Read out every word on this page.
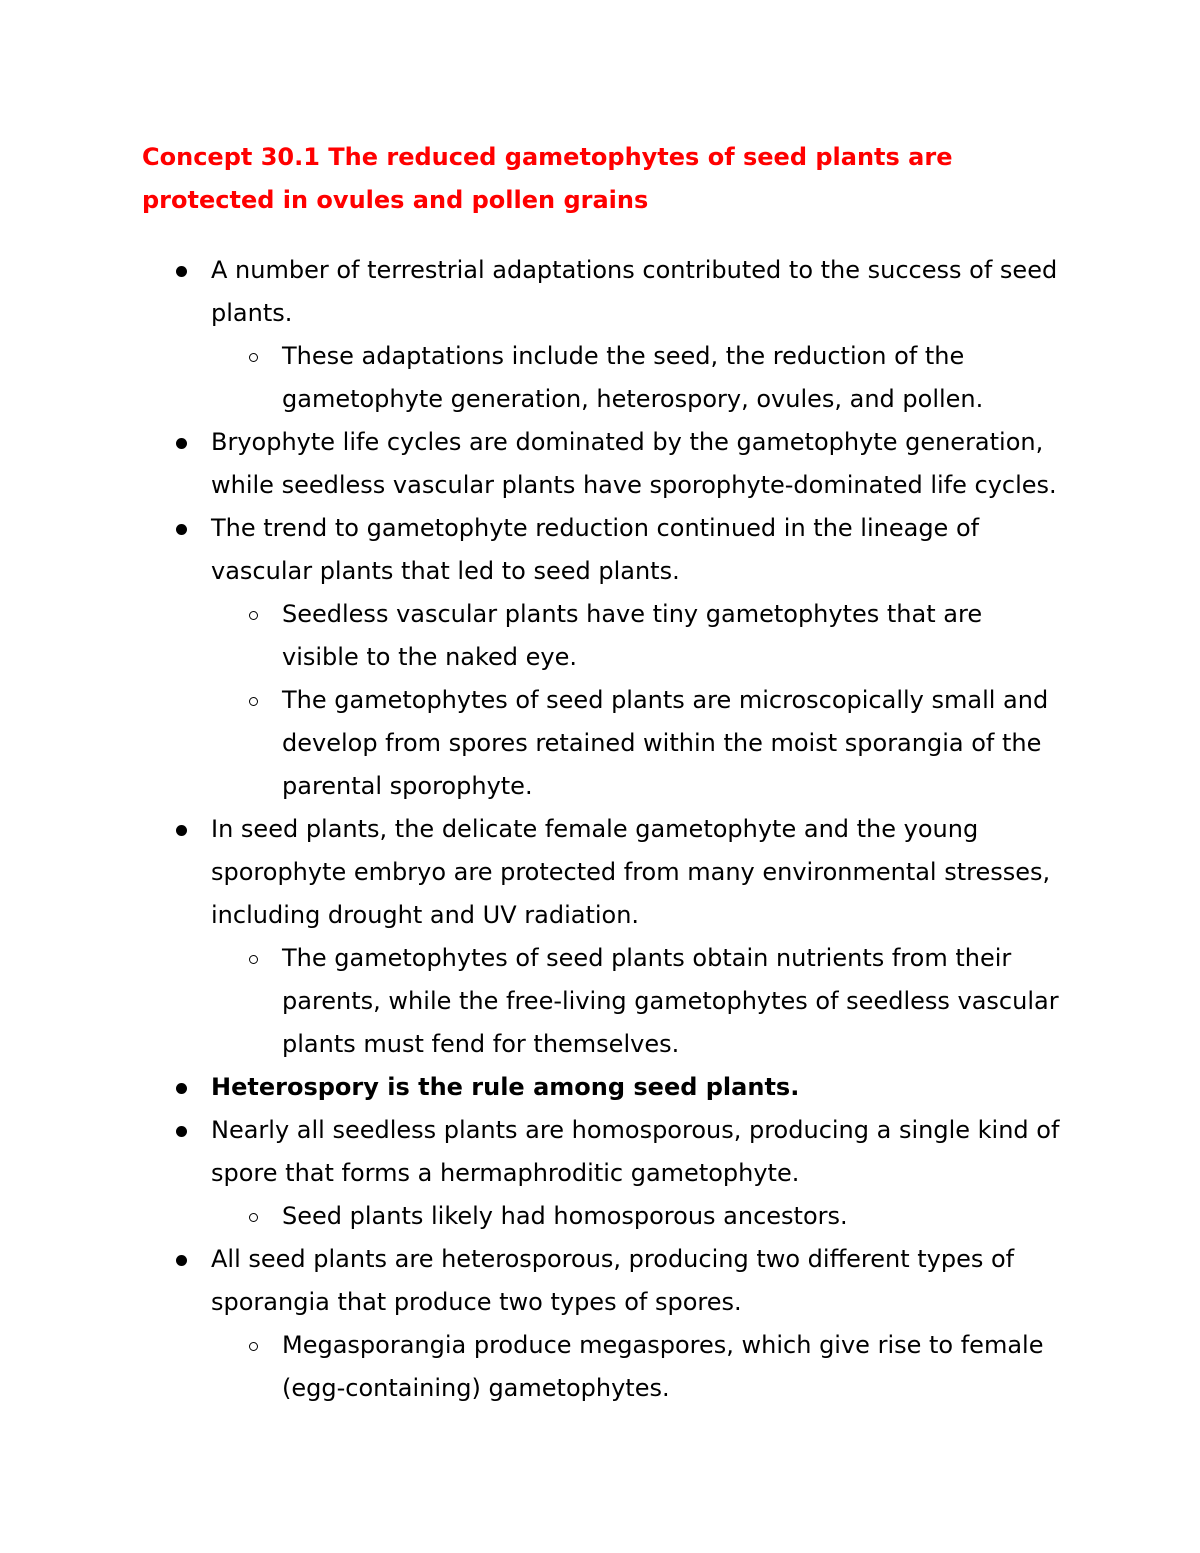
Concept 30.1 The reduced gametophytes of seed plants are protected in ovules and pollen grains
A number of terrestrial adaptations contributed to the success of seed plants.
These adaptations include the seed, the reduction of the gametophyte generation, heterospory, ovules, and pollen.
Bryophyte life cycles are dominated by the gametophyte generation, while seedless vascular plants have sporophyte-dominated life cycles.
The trend to gametophyte reduction continued in the lineage of vascular plants that led to seed plants.
Seedless vascular plants have tiny gametophytes that are visible to the naked eye.
The gametophytes of seed plants are microscopically small and develop from spores retained within the moist sporangia of the parental sporophyte.
In seed plants, the delicate female gametophyte and the young sporophyte embryo are protected from many environmental stresses, including drought and UV radiation.
The gametophytes of seed plants obtain nutrients from their parents, while the free-living gametophytes of seedless vascular plants must fend for themselves.
Heterospory is the rule among seed plants.
Nearly all seedless plants are homosporous, producing a single kind of spore that forms a hermaphroditic gametophyte.
Seed plants likely had homosporous ancestors.
All seed plants are heterosporous, producing two different types of sporangia that produce two types of spores.
Megasporangia produce megaspores, which give rise to female (egg-containing) gametophytes.
